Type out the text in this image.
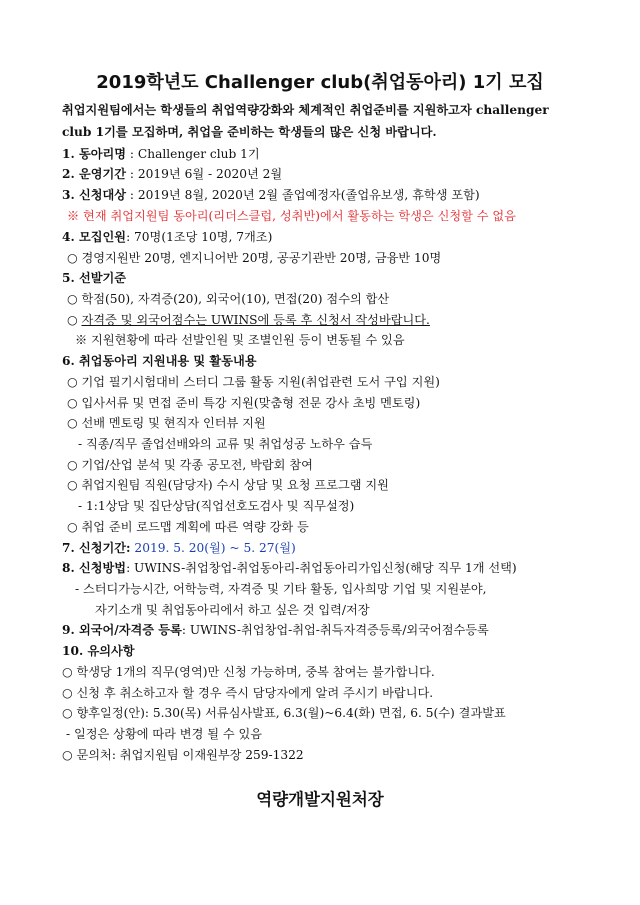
2019학년도 Challenger club(취업동아리) 1기 모집
취업지원팀에서는 학생들의 취업역량강화와 체계적인 취업준비를 지원하고자 challenger
club 1기를 모집하며, 취업을 준비하는 학생들의 많은 신청 바랍니다.
1. 동아리명 : Challenger club 1기
2. 운영기간 : 2019년 6월 - 2020년 2월
3. 신청대상 : 2019년 8월, 2020년 2월 졸업예정자(졸업유보생, 휴학생 포함)
※ 현재 취업지원팀 동아리(리더스클럽, 성취반)에서 활동하는 학생은 신청할 수 없음
4. 모집인원: 70명(1조당 10명, 7개조)
○ 경영지원반 20명, 엔지니어반 20명, 공공기관반 20명, 금융반 10명
5. 선발기준
○ 학점(50), 자격증(20), 외국어(10), 면접(20) 점수의 합산
○ 자격증 및 외국어점수는 UWINS에 등록 후 신청서 작성바랍니다.
※ 지원현황에 따라 선발인원 및 조별인원 등이 변동될 수 있음
6. 취업동아리 지원내용 및 활동내용
○ 기업 필기시험대비 스터디 그룹 활동 지원(취업관련 도서 구입 지원)
○ 입사서류 및 면접 준비 특강 지원(맞춤형 전문 강사 초빙 멘토링)
○ 선배 멘토링 및 현직자 인터뷰 지원
- 직종/직무 졸업선배와의 교류 및 취업성공 노하우 습득
○ 기업/산업 분석 및 각종 공모전, 박람회 참여
○ 취업지원팀 직원(담당자) 수시 상담 및 요청 프로그램 지원
- 1:1상담 및 집단상담(직업선호도검사 및 직무설정)
○ 취업 준비 로드맵 계획에 따른 역량 강화 등
7. 신청기간: 2019. 5. 20(월) ~ 5. 27(월)
8. 신청방법: UWINS-취업창업-취업동아리-취업동아리가입신청(해당 직무 1개 선택)
- 스터디가능시간, 어학능력, 자격증 및 기타 활동, 입사희망 기업 및 지원분야,
자기소개 및 취업동아리에서 하고 싶은 것 입력/저장
9. 외국어/자격증 등록: UWINS-취업창업-취업-취득자격증등록/외국어점수등록
10. 유의사항
○ 학생당 1개의 직무(영역)만 신청 가능하며, 중복 참여는 불가합니다.
○ 신청 후 취소하고자 할 경우 즉시 담당자에게 알려 주시기 바랍니다.
○ 향후일정(안): 5.30(목) 서류심사발표, 6.3(월)~6.4(화) 면접, 6. 5(수) 결과발표
- 일정은 상황에 따라 변경 될 수 있음
○ 문의처: 취업지원팀 이재원부장 259-1322
역량개발지원처장
